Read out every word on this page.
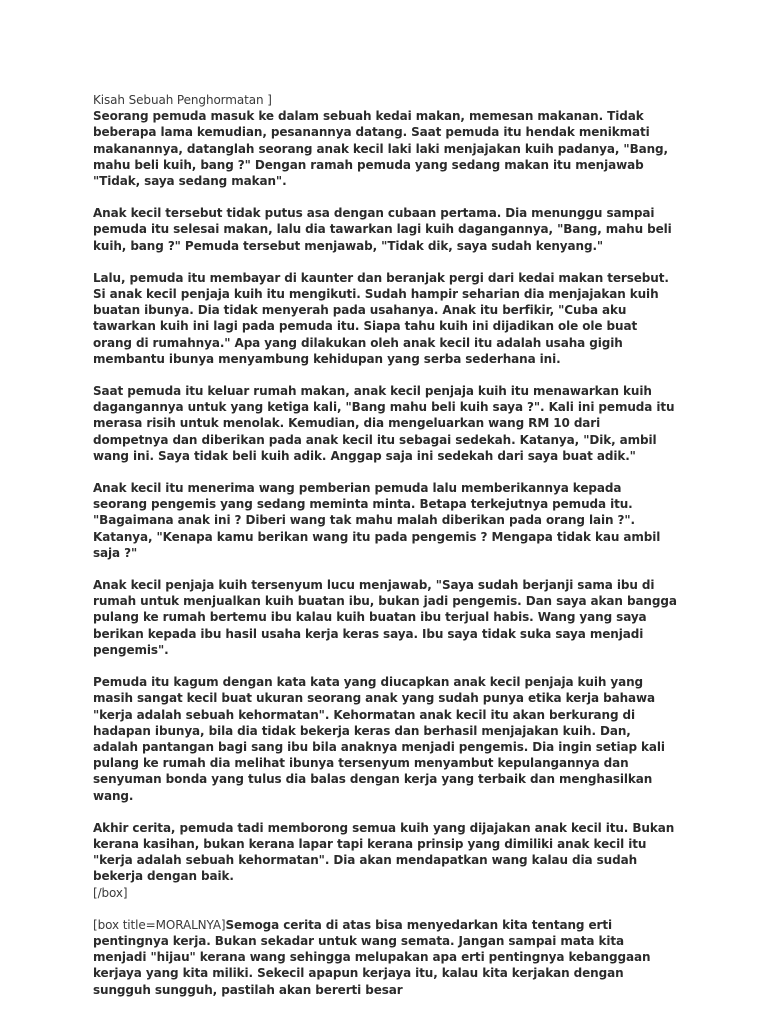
Kisah Sebuah Penghormatan ]

Seorang pemuda masuk ke dalam sebuah kedai makan, memesan makanan. Tidak beberapa lama kemudian, pesanannya datang. Saat pemuda itu hendak menikmati makanannya, datanglah seorang anak kecil laki laki menjajakan kuih padanya, "Bang, mahu beli kuih, bang ?" Dengan ramah pemuda yang sedang makan itu menjawab "Tidak, saya sedang makan".

Anak kecil tersebut tidak putus asa dengan cubaan pertama. Dia menunggu sampai pemuda itu selesai makan, lalu dia tawarkan lagi kuih dagangannya, "Bang, mahu beli kuih, bang ?" Pemuda tersebut menjawab, "Tidak dik, saya sudah kenyang."

Lalu, pemuda itu membayar di kaunter dan beranjak pergi dari kedai makan tersebut. Si anak kecil penjaja kuih itu mengikuti. Sudah hampir seharian dia menjajakan kuih buatan ibunya. Dia tidak menyerah pada usahanya. Anak itu berfikir, "Cuba aku tawarkan kuih ini lagi pada pemuda itu. Siapa tahu kuih ini dijadikan ole ole buat orang di rumahnya." Apa yang dilakukan oleh anak kecil itu adalah usaha gigih membantu ibunya menyambung kehidupan yang serba sederhana ini.

Saat pemuda itu keluar rumah makan, anak kecil penjaja kuih itu menawarkan kuih dagangannya untuk yang ketiga kali, "Bang mahu beli kuih saya ?". Kali ini pemuda itu merasa risih untuk menolak. Kemudian, dia mengeluarkan wang RM 10 dari dompetnya dan diberikan pada anak kecil itu sebagai sedekah. Katanya, "Dik, ambil wang ini. Saya tidak beli kuih adik. Anggap saja ini sedekah dari saya buat adik."

Anak kecil itu menerima wang pemberian pemuda lalu memberikannya kepada seorang pengemis yang sedang meminta minta. Betapa terkejutnya pemuda itu. "Bagaimana anak ini ? Diberi wang tak mahu malah diberikan pada orang lain ?". Katanya, "Kenapa kamu berikan wang itu pada pengemis ? Mengapa tidak kau ambil saja ?"

Anak kecil penjaja kuih tersenyum lucu menjawab, "Saya sudah berjanji sama ibu di rumah untuk menjualkan kuih buatan ibu, bukan jadi pengemis. Dan saya akan bangga pulang ke rumah bertemu ibu kalau kuih buatan ibu terjual habis. Wang yang saya berikan kepada ibu hasil usaha kerja keras saya. Ibu saya tidak suka saya menjadi pengemis".

Pemuda itu kagum dengan kata kata yang diucapkan anak kecil penjaja kuih yang masih sangat kecil buat ukuran seorang anak yang sudah punya etika kerja bahawa "kerja adalah sebuah kehormatan". Kehormatan anak kecil itu akan berkurang di hadapan ibunya, bila dia tidak bekerja keras dan berhasil menjajakan kuih. Dan, adalah pantangan bagi sang ibu bila anaknya menjadi pengemis. Dia ingin setiap kali pulang ke rumah dia melihat ibunya tersenyum menyambut kepulangannya dan senyuman bonda yang tulus dia balas dengan kerja yang terbaik dan menghasilkan wang.

Akhir cerita, pemuda tadi memborong semua kuih yang dijajakan anak kecil itu. Bukan kerana kasihan, bukan kerana lapar tapi kerana prinsip yang dimiliki anak kecil itu "kerja adalah sebuah kehormatan". Dia akan mendapatkan wang kalau dia sudah bekerja dengan baik.

[/box]

[box title=MORALNYA]Semoga cerita di atas bisa menyedarkan kita tentang erti pentingnya kerja. Bukan sekadar untuk wang semata. Jangan sampai mata kita menjadi "hijau" kerana wang sehingga melupakan apa erti pentingnya kebanggaan kerjaya yang kita miliki. Sekecil apapun kerjaya itu, kalau kita kerjakan dengan sungguh sungguh, pastilah akan bererti besar
